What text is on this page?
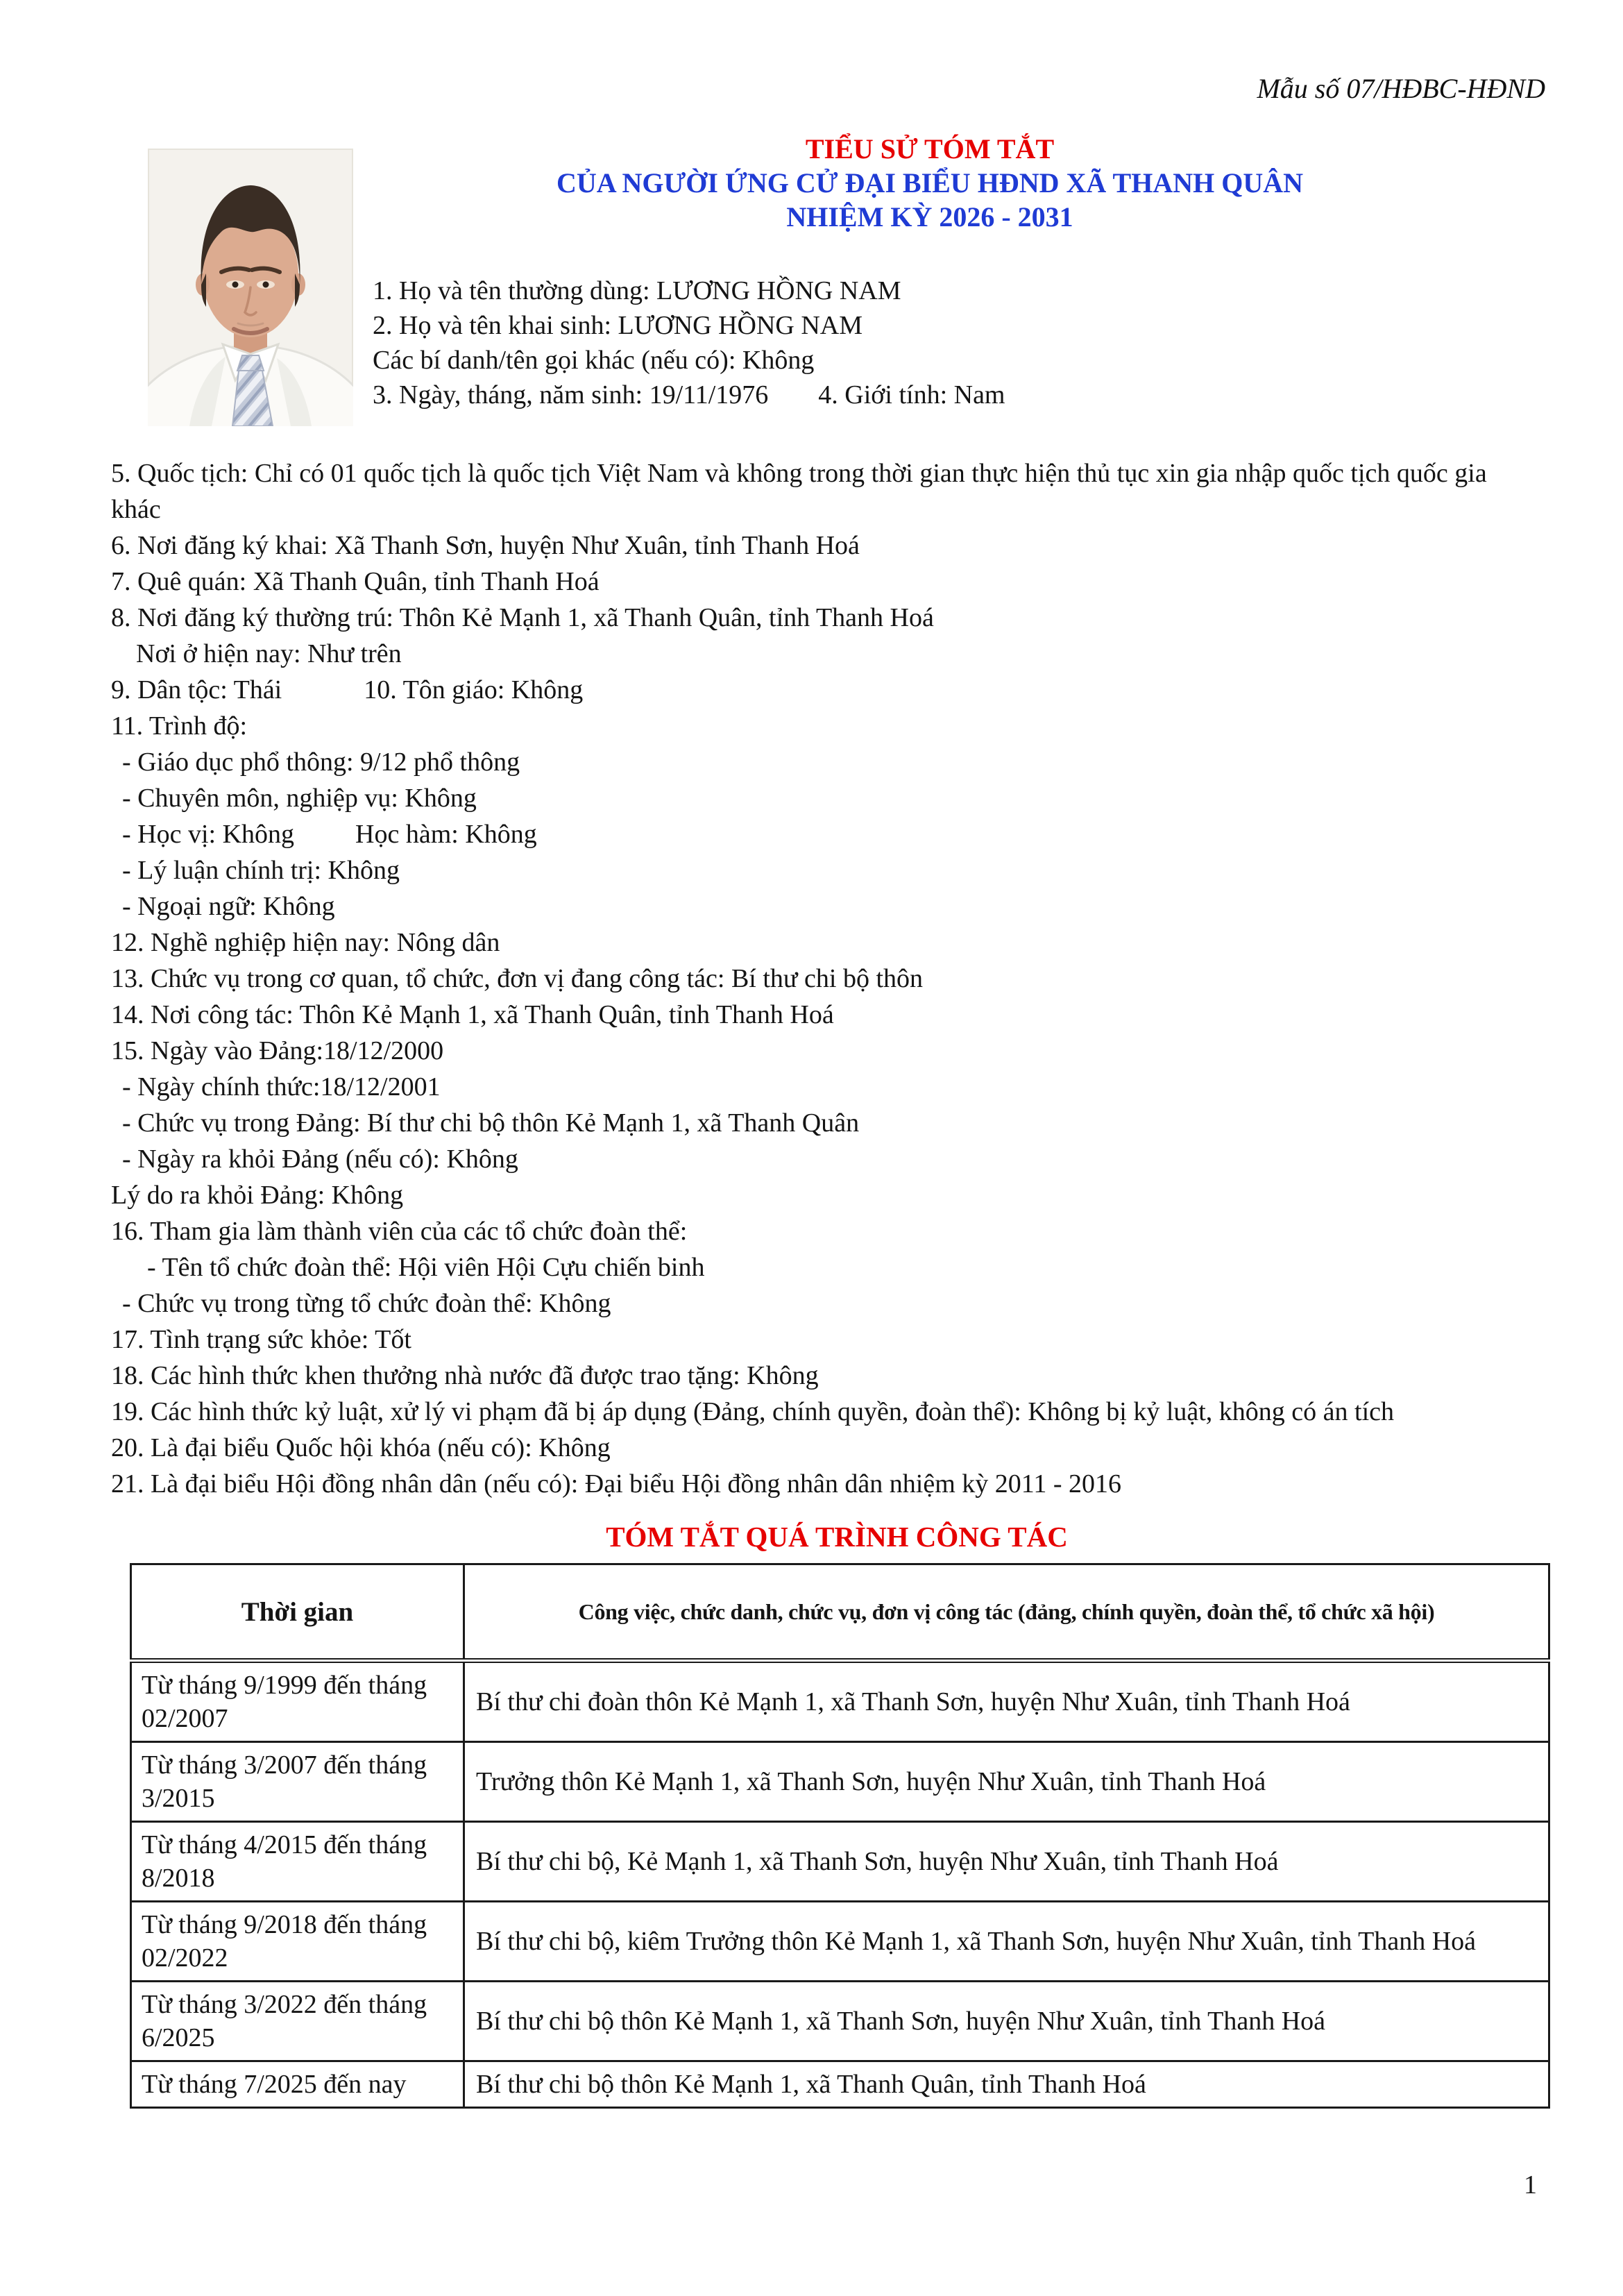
Mẫu số 07/HĐBC-HĐND
TIỂU SỬ TÓM TẮT
CỦA NGƯỜI ỨNG CỬ ĐẠI BIỂU HĐND XÃ THANH QUÂN
NHIỆM KỲ 2026 - 2031
1. Họ và tên thường dùng: LƯƠNG HỒNG NAM
2. Họ và tên khai sinh: LƯƠNG HỒNG NAM
Các bí danh/tên gọi khác (nếu có): Không
3. Ngày, tháng, năm sinh: 19/11/1976 4. Giới tính: Nam
5. Quốc tịch: Chỉ có 01 quốc tịch là quốc tịch Việt Nam và không trong thời gian thực hiện thủ tục xin gia nhập quốc tịch quốc gia khác
6. Nơi đăng ký khai: Xã Thanh Sơn, huyện Như Xuân, tỉnh Thanh Hoá
7. Quê quán: Xã Thanh Quân, tỉnh Thanh Hoá
8. Nơi đăng ký thường trú: Thôn Kẻ Mạnh 1, xã Thanh Quân, tỉnh Thanh Hoá
Nơi ở hiện nay: Như trên
9. Dân tộc: Thái	10. Tôn giáo: Không
11. Trình độ:
- Giáo dục phổ thông: 9/12 phổ thông
- Chuyên môn, nghiệp vụ: Không
- Học vị: Không Học hàm: Không
- Lý luận chính trị: Không
- Ngoại ngữ: Không
12. Nghề nghiệp hiện nay: Nông dân
13. Chức vụ trong cơ quan, tổ chức, đơn vị đang công tác: Bí thư chi bộ thôn
14. Nơi công tác: Thôn Kẻ Mạnh 1, xã Thanh Quân, tỉnh Thanh Hoá
15. Ngày vào Đảng:18/12/2000
- Ngày chính thức:18/12/2001
- Chức vụ trong Đảng: Bí thư chi bộ thôn Kẻ Mạnh 1, xã Thanh Quân
- Ngày ra khỏi Đảng (nếu có): Không
Lý do ra khỏi Đảng: Không
16. Tham gia làm thành viên của các tổ chức đoàn thể:
- Tên tổ chức đoàn thể: Hội viên Hội Cựu chiến binh
- Chức vụ trong từng tổ chức đoàn thể: Không
17. Tình trạng sức khỏe: Tốt
18. Các hình thức khen thưởng nhà nước đã được trao tặng: Không
19. Các hình thức kỷ luật, xử lý vi phạm đã bị áp dụng (Đảng, chính quyền, đoàn thể): Không bị kỷ luật, không có án tích
20. Là đại biểu Quốc hội khóa (nếu có): Không
21. Là đại biểu Hội đồng nhân dân (nếu có): Đại biểu Hội đồng nhân dân nhiệm kỳ 2011 - 2016
TÓM TẮT QUÁ TRÌNH CÔNG TÁC
Thời gian	Công việc, chức danh, chức vụ, đơn vị công tác (đảng, chính quyền, đoàn thể, tổ chức xã hội)
Từ tháng 9/1999 đến tháng 02/2007	Bí thư chi đoàn thôn Kẻ Mạnh 1, xã Thanh Sơn, huyện Như Xuân, tỉnh Thanh Hoá
Từ tháng 3/2007 đến tháng 3/2015	Trưởng thôn Kẻ Mạnh 1, xã Thanh Sơn, huyện Như Xuân, tỉnh Thanh Hoá
Từ tháng 4/2015 đến tháng 8/2018	Bí thư chi bộ, Kẻ Mạnh 1, xã Thanh Sơn, huyện Như Xuân, tỉnh Thanh Hoá
Từ tháng 9/2018 đến tháng 02/2022	Bí thư chi bộ, kiêm Trưởng thôn Kẻ Mạnh 1, xã Thanh Sơn, huyện Như Xuân, tỉnh Thanh Hoá
Từ tháng 3/2022 đến tháng 6/2025	Bí thư chi bộ thôn Kẻ Mạnh 1, xã Thanh Sơn, huyện Như Xuân, tỉnh Thanh Hoá
Từ tháng 7/2025 đến nay	Bí thư chi bộ thôn Kẻ Mạnh 1, xã Thanh Quân, tỉnh Thanh Hoá
1
